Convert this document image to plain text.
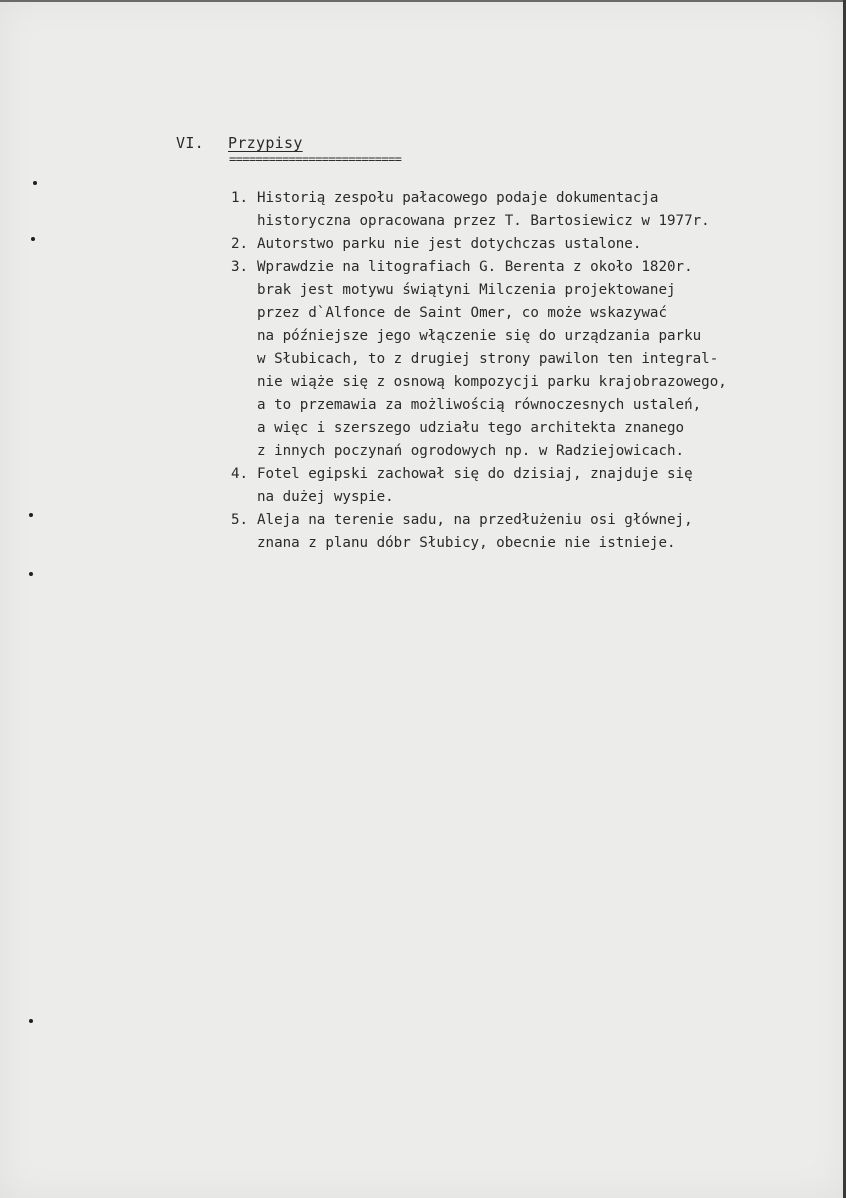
VI. Przypisy
==========================
1. Historią zespołu pałacowego podaje dokumentacja
historyczna opracowana przez T. Bartosiewicz w 1977r.
2. Autorstwo parku nie jest dotychczas ustalone.
3. Wprawdzie na litografiach G. Berenta z około 1820r.
brak jest motywu świątyni Milczenia projektowanej
przez d`Alfonce de Saint Omer, co może wskazywać
na późniejsze jego włączenie się do urządzania parku
w Słubicach, to z drugiej strony pawilon ten integral-
nie wiąże się z osnową kompozycji parku krajobrazowego,
a to przemawia za możliwością równoczesnych ustaleń,
a więc i szerszego udziału tego architekta znanego
z innych poczynań ogrodowych np. w Radziejowicach.
4. Fotel egipski zachował się do dzisiaj, znajduje się
na dużej wyspie.
5. Aleja na terenie sadu, na przedłużeniu osi głównej,
znana z planu dóbr Słubicy, obecnie nie istnieje.
